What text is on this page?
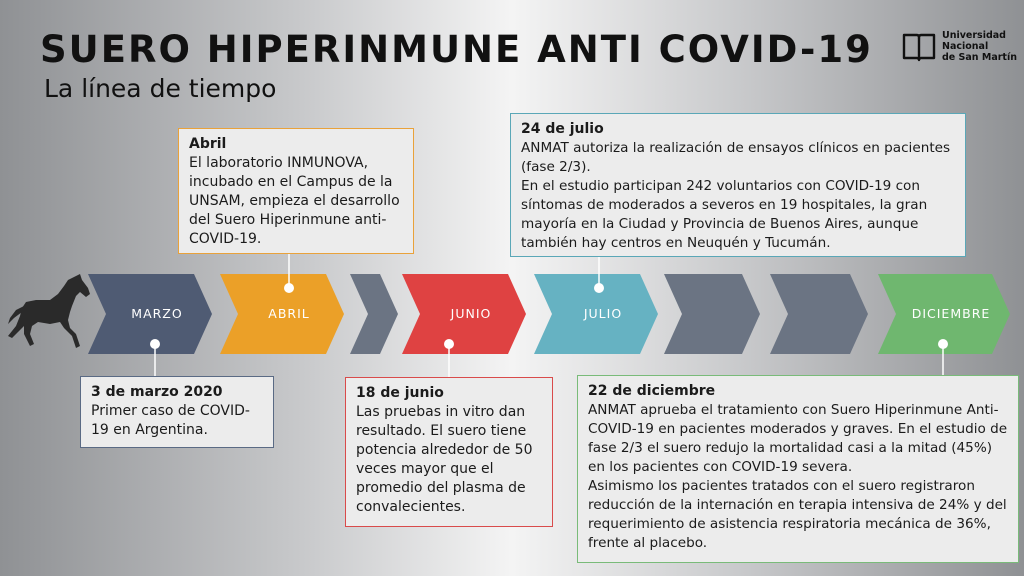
SUERO HIPERINMUNE ANTI COVID-19
La línea de tiempo
Universidad
Nacional
de San Martín
MARZO	ABRIL	JUNIO	JULIO	DICIEMBRE
Abril
El laboratorio INMUNOVA, incubado en el Campus de la UNSAM, empieza el desarrollo del Suero Hiperinmune anti-COVID-19.
24 de julio
ANMAT autoriza la realización de ensayos clínicos en pacientes (fase 2/3).
En el estudio participan 242 voluntarios con COVID-19 con síntomas de moderados a severos en 19 hospitales, la gran mayoría en la Ciudad y Provincia de Buenos Aires, aunque también hay centros en Neuquén y Tucumán.
3 de marzo 2020
Primer caso de COVID-19 en Argentina.
18 de junio
Las pruebas in vitro dan resultado. El suero tiene potencia alrededor de 50 veces mayor que el promedio del plasma de convalecientes.
22 de diciembre
ANMAT aprueba el tratamiento con Suero Hiperinmune Anti-COVID-19 en pacientes moderados y graves. En el estudio de fase 2/3 el suero redujo la mortalidad casi a la mitad (45%) en los pacientes con COVID-19 severa.
Asimismo los pacientes tratados con el suero registraron reducción de la internación en terapia intensiva de 24% y del requerimiento de asistencia respiratoria mecánica de 36%, frente al placebo.
